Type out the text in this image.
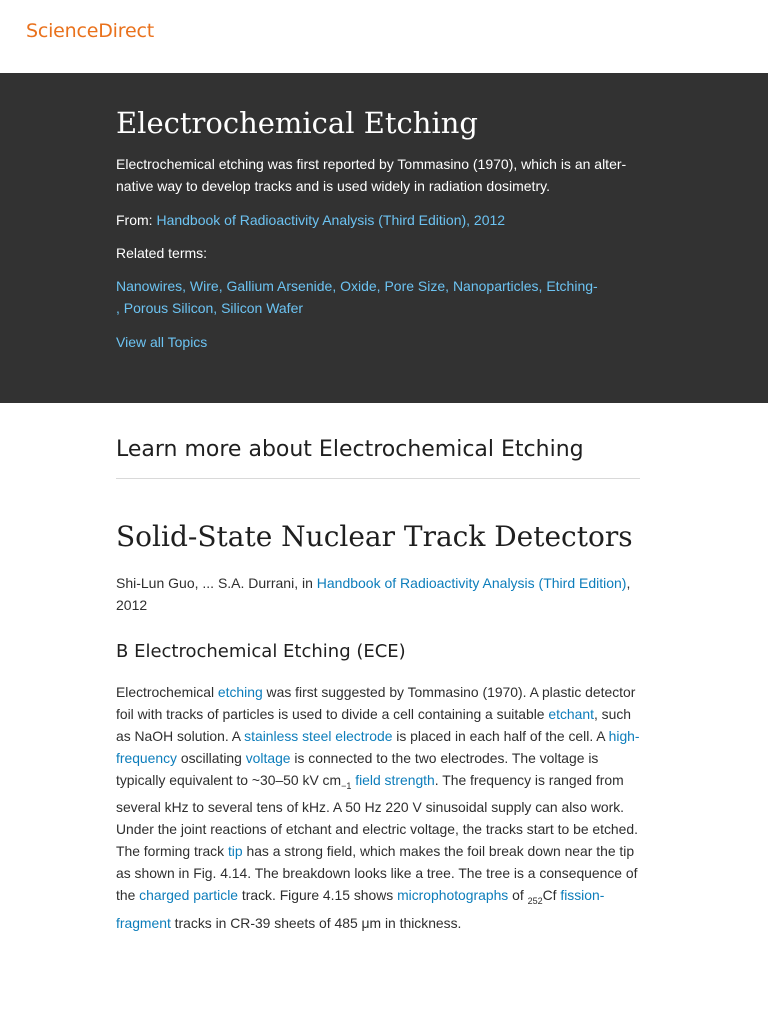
ScienceDirect
Electrochemical Etching

Electrochemical etching was first reported by Tommasino (1970), which is an alter-native way to develop tracks and is used widely in radiation dosimetry.

From: Handbook of Radioactivity Analysis (Third Edition), 2012

Related terms:

Nanowires, Wire, Gallium Arsenide, Oxide, Pore Size, Nanoparticles, Etching-
, Porous Silicon, Silicon Wafer

View all Topics
Learn more about Electrochemical Etching
Solid-State Nuclear Track Detectors

Shi-Lun Guo, ... S.A. Durrani, in Handbook of Radioactivity Analysis (Third Edition), 2012

B Electrochemical Etching (ECE)

Electrochemical etching was first suggested by Tommasino (1970). A plastic detector foil with tracks of particles is used to divide a cell containing a suitable etchant, such as NaOH solution. A stainless steel electrode is placed in each half of the cell. A high-frequency oscillating voltage is connected to the two electrodes. The voltage is typically equivalent to ~30–50 kV $cm_{-1}$ field strength. The frequency is ranged from several kHz to several tens of kHz. A 50 Hz 220 V sinusoidal supply can also work. Under the joint reactions of etchant and electric voltage, the tracks start to be etched. The forming track tip has a strong field, which makes the foil break down near the tip as shown in Fig. 4.14. The breakdown looks like a tree. The tree is a consequence of the charged particle track. Figure 4.15 shows microphotographs of $_{252}$Cf fission-fragment tracks in CR-39 sheets of 485 μm in thickness.
